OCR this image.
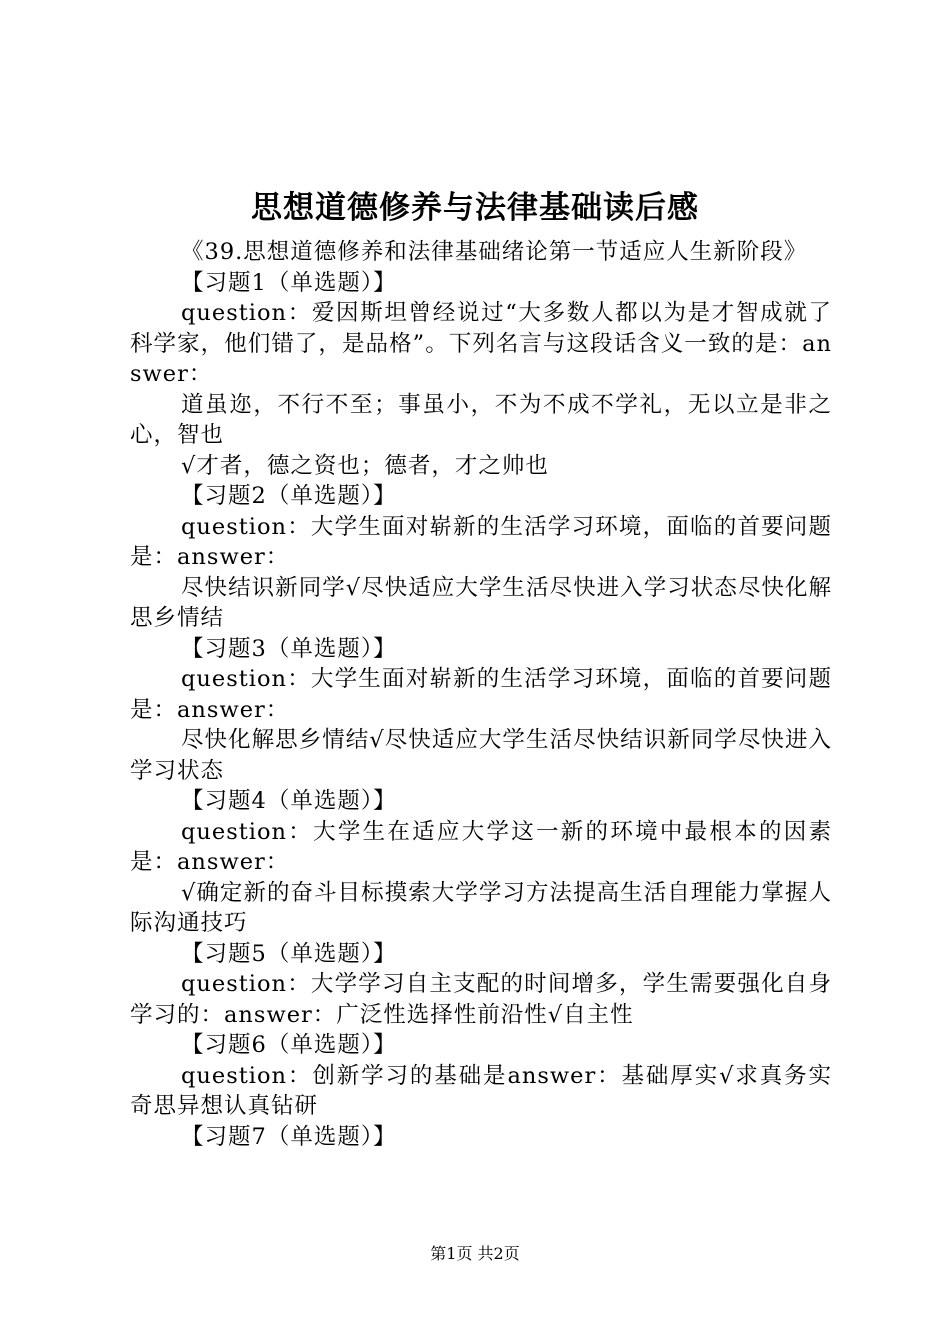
思想道德修养与法律基础读后感

《39.思想道德修养和法律基础绪论第一节适应人生新阶段》

【习题1（单选题）】

question：爱因斯坦曾经说过“大多数人都以为是才智成就了科学家，他们错了，是品格”。下列名言与这段话含义一致的是：answer：

道虽迩，不行不至；事虽小，不为不成不学礼，无以立是非之心，智也

√才者，德之资也；德者，才之帅也

【习题2（单选题）】

question：大学生面对崭新的生活学习环境，面临的首要问题是：answer：

尽快结识新同学√尽快适应大学生活尽快进入学习状态尽快化解思乡情结

【习题3（单选题）】

question：大学生面对崭新的生活学习环境，面临的首要问题是：answer：

尽快化解思乡情结√尽快适应大学生活尽快结识新同学尽快进入学习状态

【习题4（单选题）】

question：大学生在适应大学这一新的环境中最根本的因素是：answer：

√确定新的奋斗目标摸索大学学习方法提高生活自理能力掌握人际沟通技巧

【习题5（单选题）】

question：大学学习自主支配的时间增多，学生需要强化自身学习的：answer：广泛性选择性前沿性√自主性

【习题6（单选题）】

question：创新学习的基础是answer：基础厚实√求真务实奇思异想认真钻研

【习题7（单选题）】

第1页 共2页
